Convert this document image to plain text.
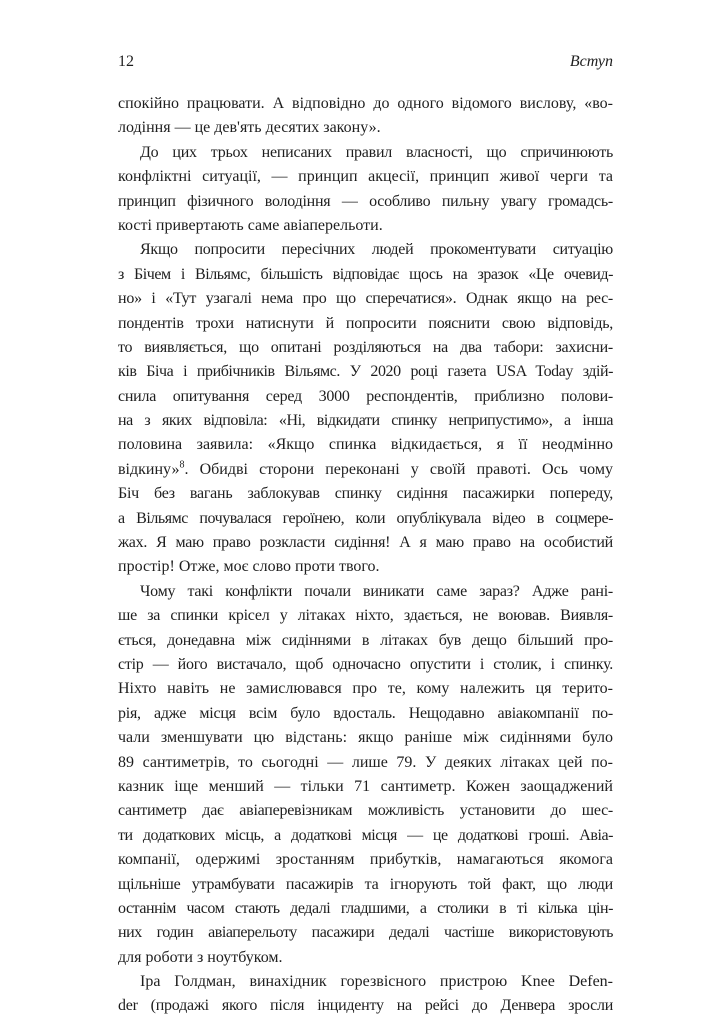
12	Вступ
спокійно працювати. А відповідно до одного відомого вислову, «во-
лодіння — це дев'ять десятих закону».
До цих трьох неписаних правил власності, що спричинюють
конфліктні ситуації, — принцип акцесії, принцип живої черги та
принцип фізичного володіння — особливо пильну увагу громадсь-
кості привертають саме авіаперельоти.
Якщо попросити пересічних людей прокоментувати ситуацію
з Бічем і Вільямс, більшість відповідає щось на зразок «Це очевид-
но» і «Тут узагалі нема про що сперечатися». Однак якщо на рес-
пондентів трохи натиснути й попросити пояснити свою відповідь,
то виявляється, що опитані розділяються на два табори: захисни-
ків Біча і прибічників Вільямс. У 2020 році газета USA Today здій-
снила опитування серед 3000 респондентів, приблизно полови-
на з яких відповіла: «Ні, відкидати спинку неприпустимо», а інша
половина заявила: «Якщо спинка відкидається, я її неодмінно
відкину»$^8$. Обидві сторони переконані у своїй правоті. Ось чому
Біч без вагань заблокував спинку сидіння пасажирки попереду,
а Вільямс почувалася героїнею, коли опублікувала відео в соцмере-
жах. Я маю право розкласти сидіння! А я маю право на особистий
простір! Отже, моє слово проти твого.
Чому такі конфлікти почали виникати саме зараз? Адже рані-
ше за спинки крісел у літаках ніхто, здається, не воював. Виявля-
ється, донедавна між сидіннями в літаках був дещо більший про-
стір — його вистачало, щоб одночасно опустити і столик, і спинку.
Ніхто навіть не замислювався про те, кому належить ця терито-
рія, адже місця всім було вдосталь. Нещодавно авіакомпанії по-
чали зменшувати цю відстань: якщо раніше між сидіннями було
89 сантиметрів, то сьогодні — лише 79. У деяких літаках цей по-
казник іще менший — тільки 71 сантиметр. Кожен заощаджений
сантиметр дає авіаперевізникам можливість установити до шес-
ти додаткових місць, а додаткові місця — це додаткові гроші. Авіа-
компанії, одержимі зростанням прибутків, намагаються якомога
щільніше утрамбувати пасажирів та ігнорують той факт, що люди
останнім часом стають дедалі гладшими, а столики в ті кілька цін-
них годин авіаперельоту пасажири дедалі частіше використовують
для роботи з ноутбуком.
Іра Голдман, винахідник горезвісного пристрою Knee Defen-
der (продажі якого після інциденту на рейсі до Денвера зросли
